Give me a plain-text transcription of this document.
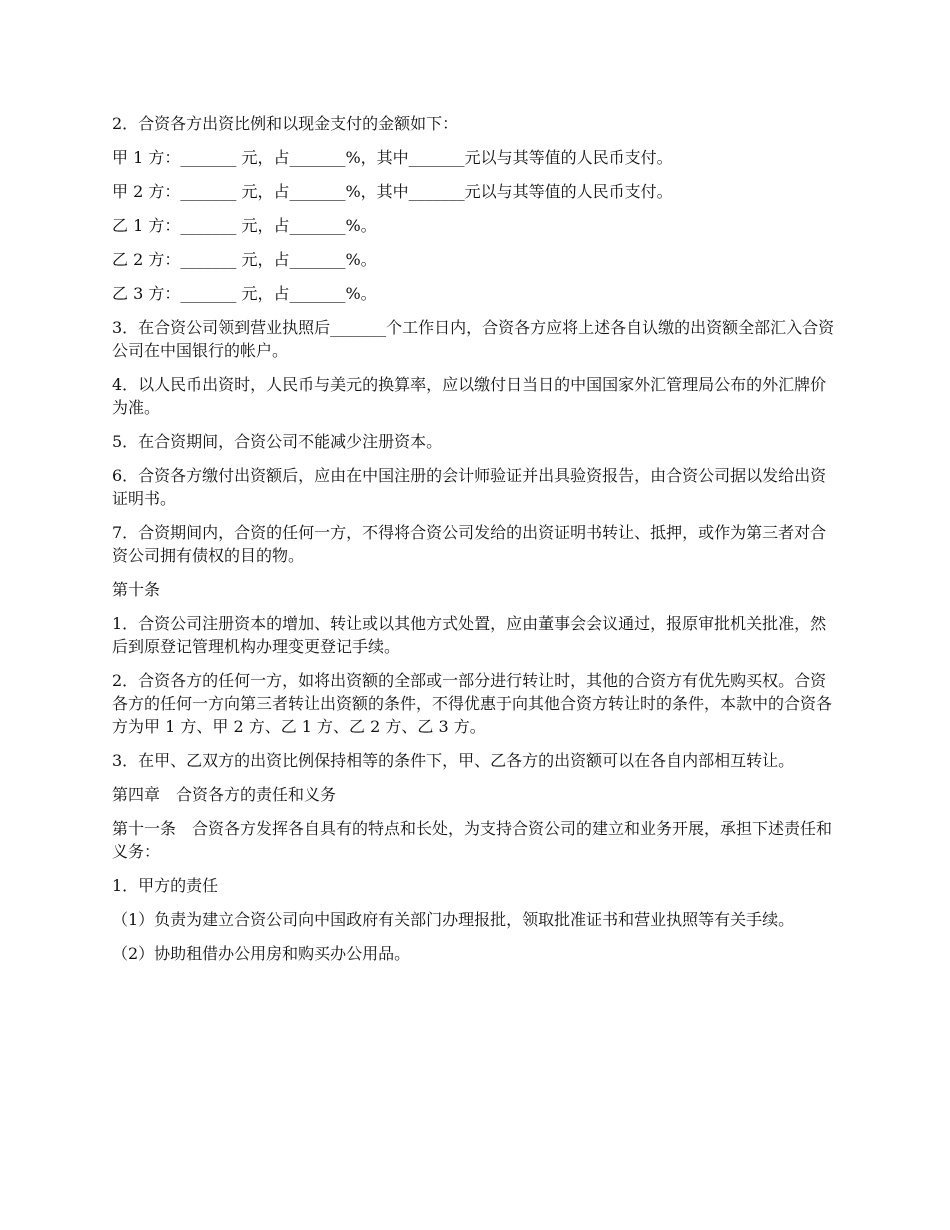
2．合资各方出资比例和以现金支付的金额如下：

甲 1 方：_______ 元，占_______%，其中_______元以与其等值的人民币支付。

甲 2 方：_______ 元，占_______%，其中_______元以与其等值的人民币支付。

乙 1 方：_______ 元，占_______%。

乙 2 方：_______ 元，占_______%。

乙 3 方：_______ 元，占_______%。

3．在合资公司领到营业执照后_______个工作日内，合资各方应将上述各自认缴的出资额全部汇入合资公司在中国银行的帐户。

4．以人民币出资时，人民币与美元的换算率，应以缴付日当日的中国国家外汇管理局公布的外汇牌价为准。

5．在合资期间，合资公司不能减少注册资本。

6．合资各方缴付出资额后，应由在中国注册的会计师验证并出具验资报告，由合资公司据以发给出资证明书。

7．合资期间内，合资的任何一方，不得将合资公司发给的出资证明书转让、抵押，或作为第三者对合资公司拥有债权的目的物。

第十条

1．合资公司注册资本的增加、转让或以其他方式处置，应由董事会会议通过，报原审批机关批准，然后到原登记管理机构办理变更登记手续。

2．合资各方的任何一方，如将出资额的全部或一部分进行转让时，其他的合资方有优先购买权。合资各方的任何一方向第三者转让出资额的条件，不得优惠于向其他合资方转让时的条件，本款中的合资各方为甲 1 方、甲 2 方、乙 1 方、乙 2 方、乙 3 方。

3．在甲、乙双方的出资比例保持相等的条件下，甲、乙各方的出资额可以在各自内部相互转让。

第四章　合资各方的责任和义务

第十一条　合资各方发挥各自具有的特点和长处，为支持合资公司的建立和业务开展，承担下述责任和义务：

1．甲方的责任

（1）负责为建立合资公司向中国政府有关部门办理报批，领取批准证书和营业执照等有关手续。

（2）协助租借办公用房和购买办公用品。
